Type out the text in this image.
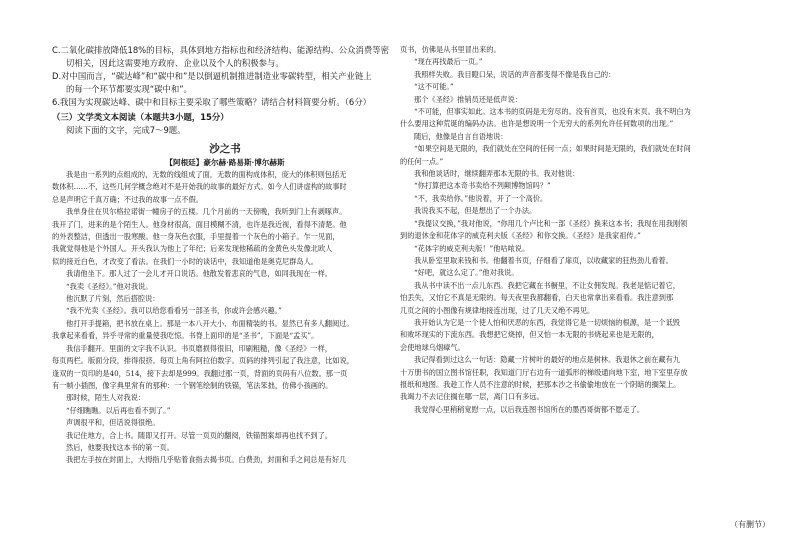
C.二氧化碳排放降低18%的目标，具体到地方指标也和经济结构、能源结构、公众消费等密

切相关，因此这需要地方政府、企业以及个人的积极参与。

D.对中国而言，“碳达峰”和“碳中和”是以倒逼机制推进制造业零碳转型，相关产业链上

的每一个环节都要实现“碳中和”。

6.我国为实现碳达峰、碳中和目标主要采取了哪些策略？请结合材料简要分析。（6分）

（三）文学类文本阅读（本题共3小题，15分）

阅读下面的文字，完成7～9题。

沙之书
【阿根廷】豪尔赫·路易斯·博尔赫斯

我是由一系列的点组成的，无数的线组成了面，无数的面构成体积，庞大的体积则包括无

数体积……不，这些几何学概念绝对不是开始我的故事的最好方式。如今人们讲虚构的故事时

总是声明它千真万确；不过我的故事一点不假。

我单身住在贝尔格拉诺街一幢房子的五楼。几个月前的一天傍晚，我听到门上有剥啄声。

我开了门，进来的是个陌生人。他身材很高，面目模糊不清，也许是我近视，看得不清楚。他

的外表整洁，但透出一股寒酸。他一身灰色衣服，手里提着一个灰色的小箱子。乍一见面，

我就觉得他是个外国人。开头我认为他上了年纪；后来发现他稀疏的金黄色头发像北欧人

似的接近白色，才改变了看法。在我们一小时的谈话中，我知道他是奥克尼群岛人。

我请他坐下。那人过了一会儿才开口说话。他散发着悲哀的气息，如同我现在一样。

“我卖《圣经》。”他对我说。

他沉默了片刻，然后搭腔说：

“我不光卖《圣经》。我可以给您看看另一部圣书，你或许会感兴趣。”

他打开手提箱，把书放在桌上。那是一本八开大小、布面精装的书。显然已有多人翻阅过。

我拿起来看看，异乎寻常的重量使我吃惊。书脊上面印的是“圣书”，下面是“孟买”。

我信手翻开。里面的文字我不认识。书页磨损得很旧，印刷粗糙，像《圣经》一样，

每页两栏。版面分段，排得很挤。每页上角有阿拉伯数字。页码的排列引起了我注意，比如说，

逢双的一页印的是40，514，接下去却是999。我翻过那一页，背面的页码有八位数。那一页

有一帧小插图，像字典里常有的那种：一个钢笔绘制的铁锚，笔法笨拙，仿佛小孩画的。

那时候，陌生人对我说：

“仔细瞧瞧。以后再也看不到了。”

声调很平和，但话说得很绝。

我记住地方，合上书。随即又打开。尽管一页页的翻阅，铁锚图案却再也找不到了。

然后，他要我找这本书的第一页。

我把左手按在封面上，大拇指几乎贴着食指去揭书页。白费劲，封面和手之间总是有好几

页书，仿佛是从书里冒出来的。

“现在再找最后一页。”

我照样失败。我目瞪口呆，说话的声音都变得不像是我自己的：

“这不可能。”

那个《圣经》推销员还是低声说：

“不可能，但事实如此。这本书的页码是无穷尽的。没有首页，也没有末页。我不明白为

什么要用这种荒诞的编码办法。也许是想说明一个无穷大的系列允许任何数项的出现。”

随后，他像是自言自语地说：

“如果空间是无限的，我们就处在空间的任何一点；如果时间是无限的，我们就处在时间

的任何一点。”

我和他谈话时，继续翻弄那本无限的书。我对他说：

“你打算把这本奇书卖给不列颠博物馆吗？”

“不，我卖给你。”他说着，开了一个高价。

我说我买不起，但是想出了一个办法。

“我提议交换，”我对他说，“你用几个卢比和一部《圣经》换来这本书；我现在用我刚领

到的退休金和花体字的威克利夫版《圣经》和你交换。《圣经》是我家祖传。”

“花体字的威克利夫版！”他咕哝说。

我从卧室里取来钱和书。他翻着书页，仔细看了扉页，以收藏家的狂热劲儿看着。

“好吧，就这么定了。”他对我说。

我从书中读不出一点儿东西。我把它藏在书橱里，不让女佣发现。我老是惦记着它，

怕丢失，又怕它不真是无限的。每天夜里我都翻看，白天也常拿出来看看。我注意到那

几页之间的小图像有规律地接连出现，过了几天又绝不再见。

我开始认为它是一个使人怕和厌恶的东西，我觉得它是一切烦恼的根源，是一个诋毁

和败坏现实的下流东西。我想把它烧掉，但又怕一本无限的书烧起来也是无限的，

会使地球乌烟瘴气。

我记得看到过这么一句话：隐藏一片树叶的最好的地点是树林。我退休之前在藏有九

十万册书的国立图书馆任职，我知道门厅右边有一道弧形的梯级通向地下室，地下室里存放

报纸和地图。我趁工作人员不注意的时候，把那本沙之书偷偷地放在一个阴暗的搁架上。

我竭力不去记住搁在哪一层，离门口有多远。

我觉得心里稍稍宽慰一点，以后我连图书馆所在的墨西哥街都不愿走了。

（有删节）
